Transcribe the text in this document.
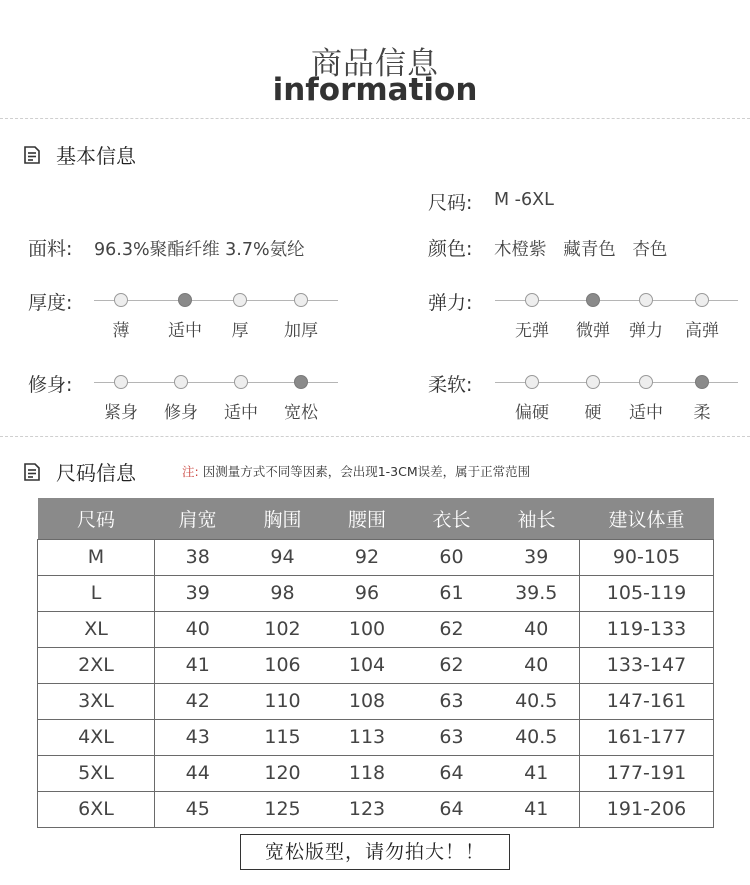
商品信息
information
基本信息
尺码: M -6XL
面料: 96.3%聚酯纤维 3.7%氨纶	颜色: 木橙紫   藏青色   杏色
厚度:	弹力:
修身:	柔软:
尺码信息	注: 因测量方式不同等因素，会出现1-3CM误差，属于正常范围
尺码	肩宽	胸围	腰围	衣长	袖长	建议体重
M	38	94	92	60	39	90-105
L	39	98	96	61	39.5	105-119
XL	40	102	100	62	40	119-133
2XL	41	106	104	62	40	133-147
3XL	42	110	108	63	40.5	147-161
4XL	43	115	113	63	40.5	161-177
5XL	44	120	118	64	41	177-191
6XL	45	125	123	64	41	191-206
宽松版型，请勿拍大！！
薄 适中 厚 加厚	无弹 微弹 弹力 高弹
紧身 修身 适中 宽松	偏硬 硬 适中 柔
